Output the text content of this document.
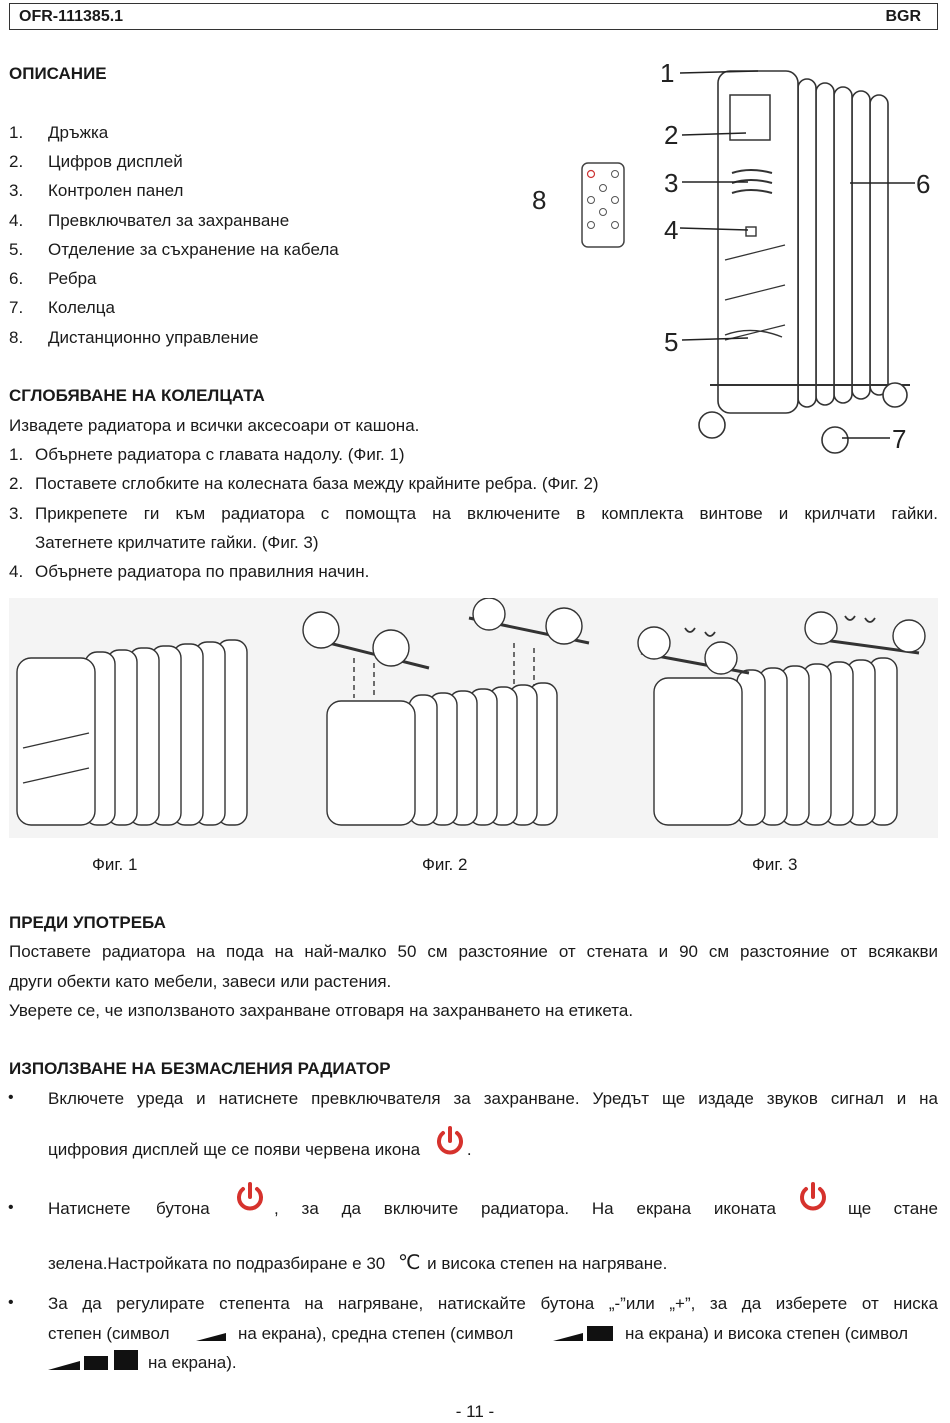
OFR-111385.1	BGR
ОПИСАНИЕ
1. Дръжка
2. Цифров дисплей
3. Контролен панел
4. Превключвател за захранване
5. Отделение за съхранение на кабела
6. Ребра
7. Колелца
8. Дистанционно управление
1
2
3
4
5
6
7
8
СГЛОБЯВАНЕ НА КОЛЕЛЦАТА
Извадете радиатора и всички аксесоари от кашона.
1. Обърнете радиатора с главата надолу. (Фиг. 1)
2. Поставете сглобките на колесната база между крайните ребра. (Фиг. 2)
3. Прикрепете ги към радиатора с помощта на включените в комплекта винтове и крилчати гайки.
Затегнете крилчатите гайки. (Фиг. 3)
4. Обърнете радиатора по правилния начин.
Фиг. 1	Фиг. 2	Фиг. 3
ПРЕДИ УПОТРЕБА
Поставете радиатора на пода на най-малко 50 см разстояние от стената и 90 см разстояние от всякакви
други обекти като мебели, завеси или растения.
Уверете се, че използваното захранване отговаря на захранването на етикета.
ИЗПОЛЗВАНЕ НА БЕЗМАСЛЕНИЯ РАДИАТОР
• Включете уреда и натиснете превключвателя за захранване. Уредът ще издаде звуков сигнал и на
цифровия дисплей ще се появи червена икона	.
• Натиснете бутона	, за да включите радиатора. На екрана иконата	ще стане
зелена.Настройката по подразбиране е 30 ℃ и висока степен на нагряване.
• За да регулирате степента на нагряване, натискайте бутона „-”или „+”, за да изберете от ниска
степен (символ	на екрана), средна степен (символ	на екрана) и висока степен (символ
на екрана).
- 11 -
